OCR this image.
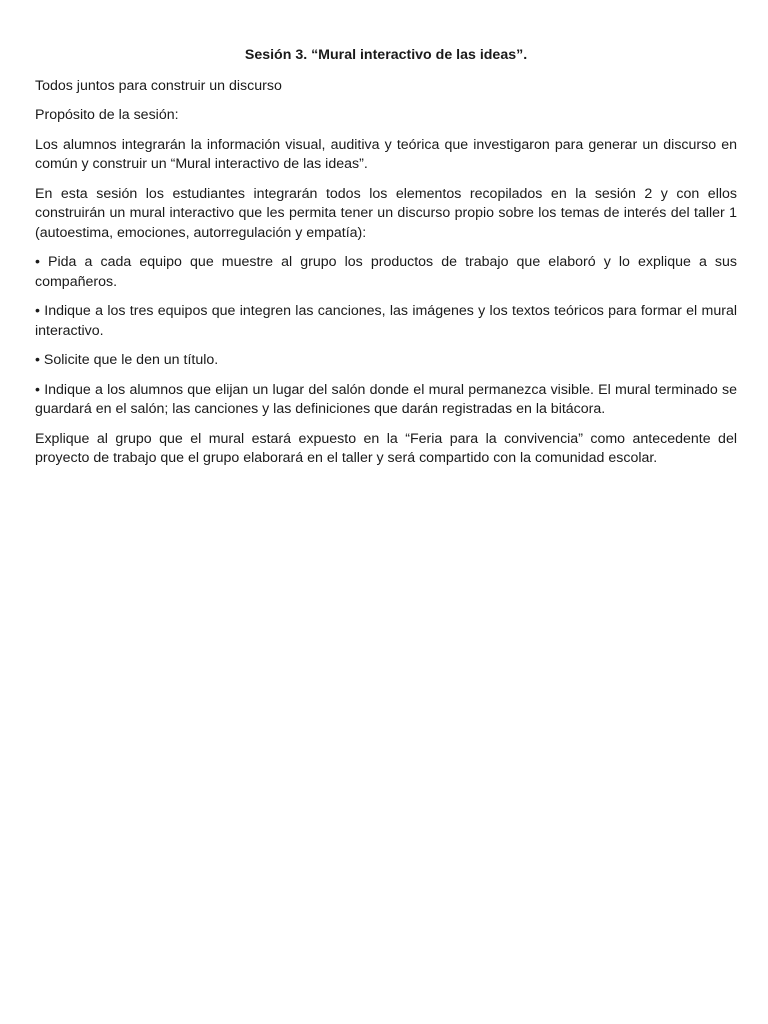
Sesión 3. “Mural interactivo de las ideas”.

Todos juntos para construir un discurso

Propósito de la sesión:

Los alumnos integrarán la información visual, auditiva y teórica que investigaron para generar un discurso en común y construir un “Mural interactivo de las ideas”.

En esta sesión los estudiantes integrarán todos los elementos recopilados en la sesión 2 y con ellos construirán un mural interactivo que les permita tener un discurso propio sobre los temas de interés del taller 1 (autoestima, emociones, autorregulación y empatía):

• Pida a cada equipo que muestre al grupo los productos de trabajo que elaboró y lo explique a sus compañeros.

• Indique a los tres equipos que integren las canciones, las imágenes y los textos teóricos para formar el mural interactivo.

• Solicite que le den un título.

• Indique a los alumnos que elijan un lugar del salón donde el mural permanezca visible. El mural terminado se guardará en el salón; las canciones y las definiciones que darán registradas en la bitácora.

Explique al grupo que el mural estará expuesto en la “Feria para la convivencia” como antecedente del proyecto de trabajo que el grupo elaborará en el taller y será compartido con la comunidad escolar.
